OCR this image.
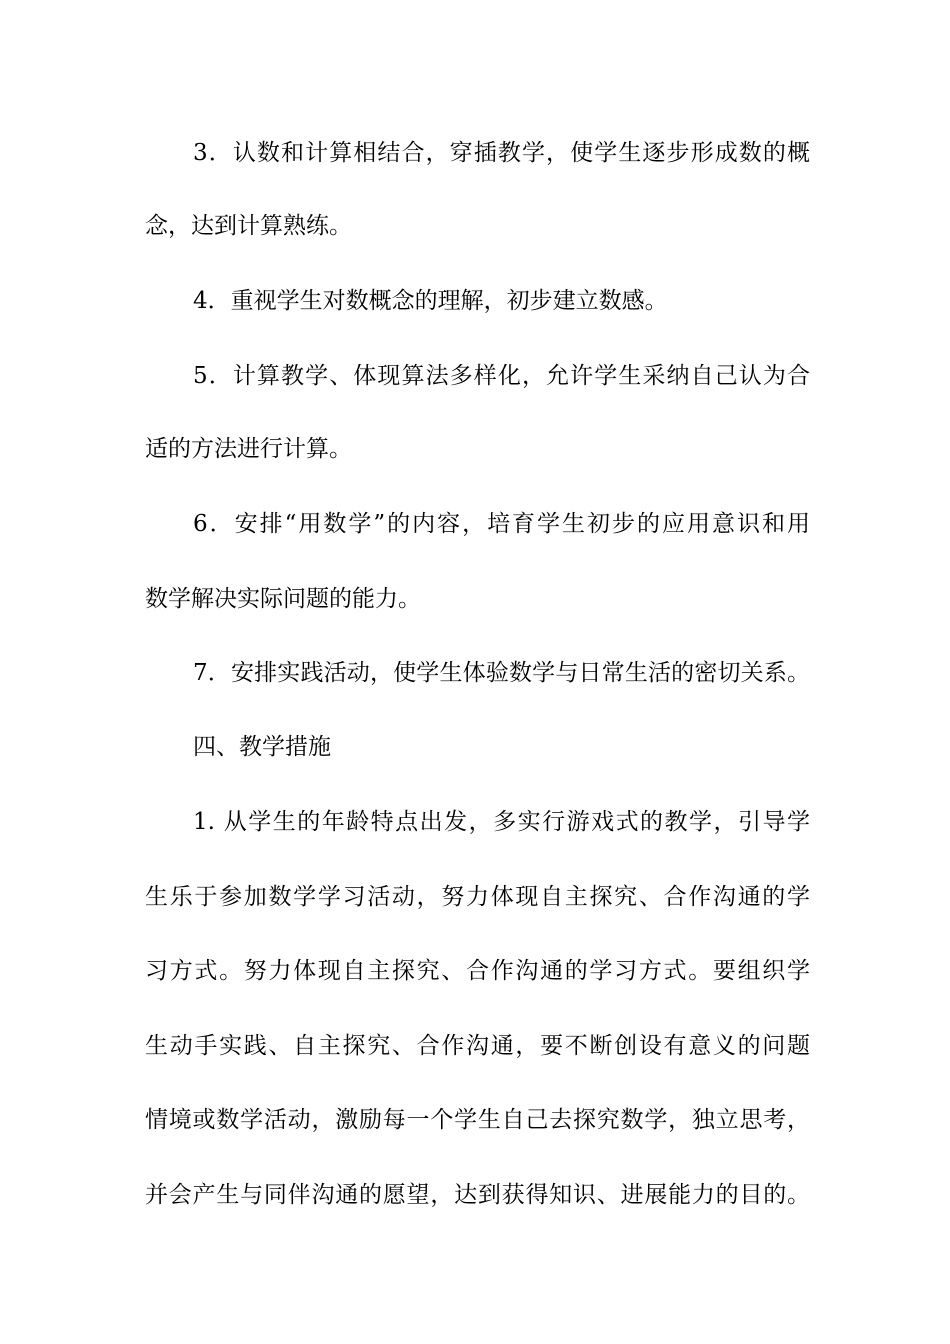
3．认数和计算相结合，穿插教学，使学生逐步形成数的概
念，达到计算熟练。
4．重视学生对数概念的理解，初步建立数感。
5．计算教学、体现算法多样化，允许学生采纳自己认为合
适的方法进行计算。
6．安排“用数学”的内容，培育学生初步的应用意识和用
数学解决实际问题的能力。
7．安排实践活动，使学生体验数学与日常生活的密切关系。
四、教学措施
1. 从学生的年龄特点出发，多实行游戏式的教学，引导学
生乐于参加数学学习活动，努力体现自主探究、合作沟通的学
习方式。努力体现自主探究、合作沟通的学习方式。要组织学
生动手实践、自主探究、合作沟通，要不断创设有意义的问题
情境或数学活动，激励每一个学生自己去探究数学，独立思考，
并会产生与同伴沟通的愿望，达到获得知识、进展能力的目的。
